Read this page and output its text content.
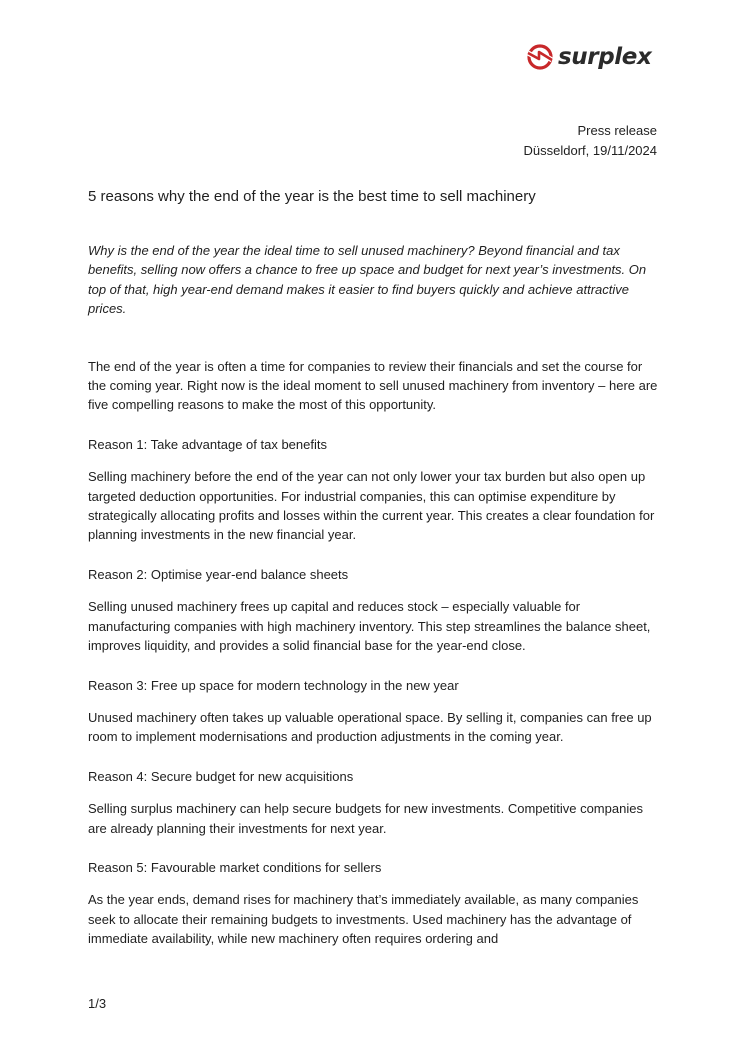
surplex
Press release
Düsseldorf, 19/11/2024
5 reasons why the end of the year is the best time to sell machinery

Why is the end of the year the ideal time to sell unused machinery? Beyond financial and tax benefits, selling now offers a chance to free up space and budget for next year’s investments. On top of that, high year-end demand makes it easier to find buyers quickly and achieve attractive prices.

The end of the year is often a time for companies to review their financials and set the course for the coming year. Right now is the ideal moment to sell unused machinery from inventory – here are five compelling reasons to make the most of this opportunity.

Reason 1: Take advantage of tax benefits

Selling machinery before the end of the year can not only lower your tax burden but also open up targeted deduction opportunities. For industrial companies, this can optimise expenditure by strategically allocating profits and losses within the current year. This creates a clear foundation for planning investments in the new financial year.

Reason 2: Optimise year-end balance sheets

Selling unused machinery frees up capital and reduces stock – especially valuable for manufacturing companies with high machinery inventory. This step streamlines the balance sheet, improves liquidity, and provides a solid financial base for the year-end close.

Reason 3: Free up space for modern technology in the new year

Unused machinery often takes up valuable operational space. By selling it, companies can free up room to implement modernisations and production adjustments in the coming year.

Reason 4: Secure budget for new acquisitions

Selling surplus machinery can help secure budgets for new investments. Competitive companies are already planning their investments for next year.

Reason 5: Favourable market conditions for sellers

As the year ends, demand rises for machinery that’s immediately available, as many companies seek to allocate their remaining budgets to investments. Used machinery has the advantage of immediate availability, while new machinery often requires ordering and

1/3
